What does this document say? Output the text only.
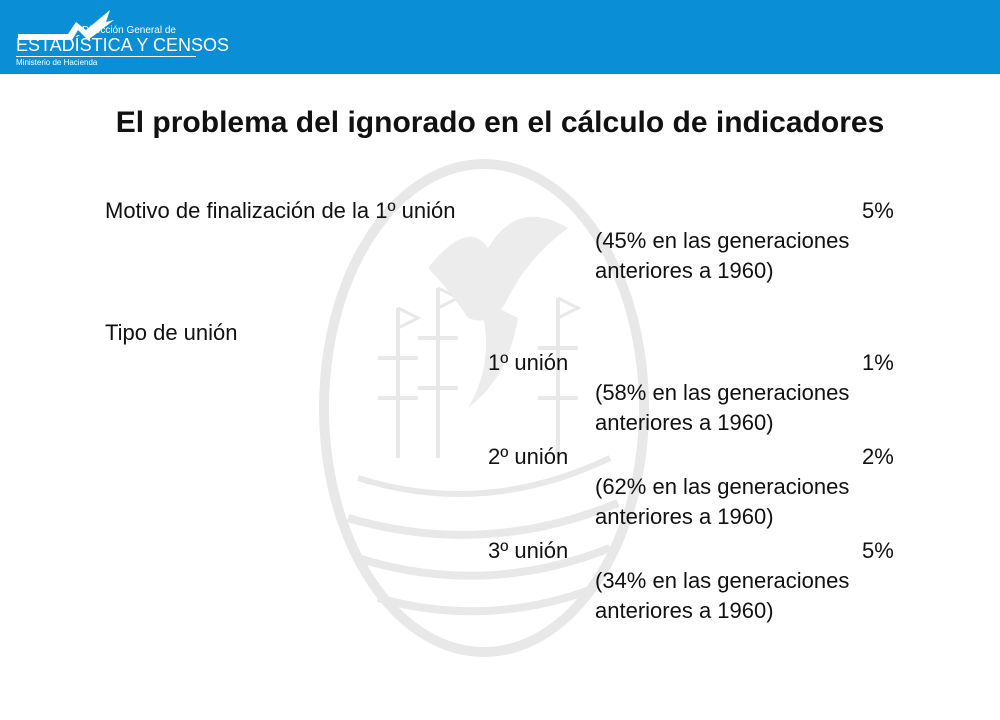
Dirección General de
ESTADÍSTICA Y CENSOS
Ministerio de Hacienda
El problema del ignorado en el cálculo de indicadores
Motivo de finalización de la 1º unión	5%
(45% en las generaciones
anteriores a 1960)
Tipo de unión
1º unión	1%
(58% en las generaciones
anteriores a 1960)
2º unión	2%
(62% en las generaciones
anteriores a 1960)
3º unión	5%
(34% en las generaciones
anteriores a 1960)
